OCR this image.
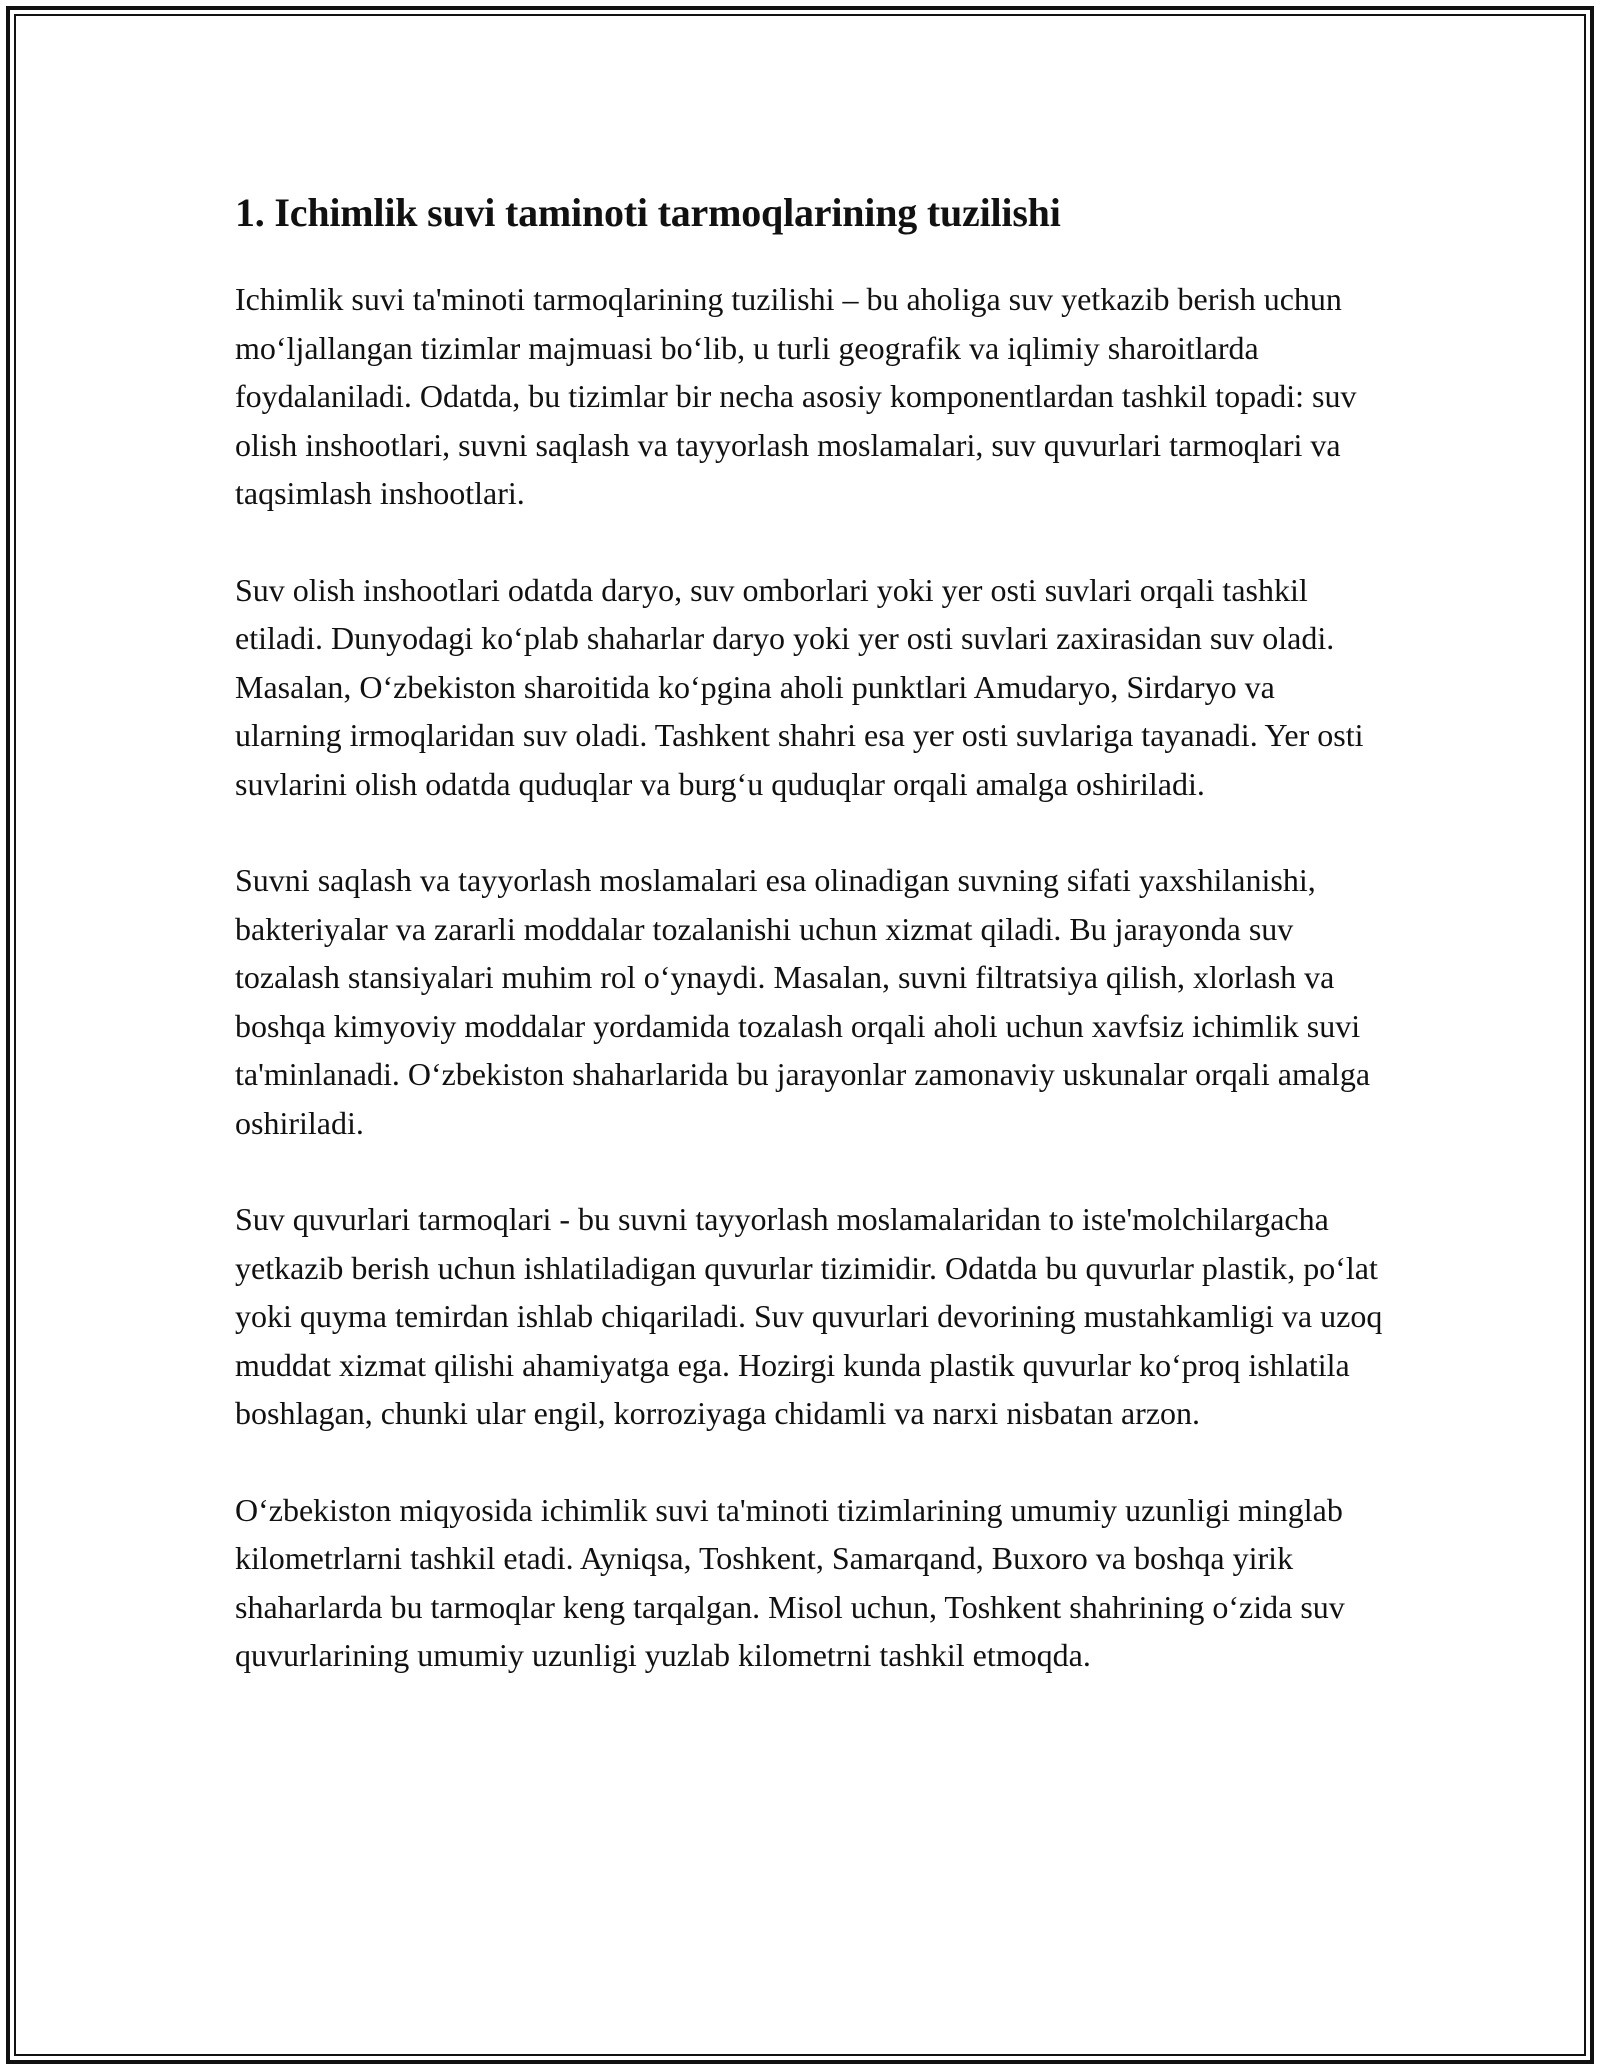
1. Ichimlik suvi taminoti tarmoqlarining tuzilishi

Ichimlik suvi ta'minoti tarmoqlarining tuzilishi – bu aholiga suv yetkazib berish uchun mo‘ljallangan tizimlar majmuasi bo‘lib, u turli geografik va iqlimiy sharoitlarda foydalaniladi. Odatda, bu tizimlar bir necha asosiy komponentlardan tashkil topadi: suv olish inshootlari, suvni saqlash va tayyorlash moslamalari, suv quvurlari tarmoqlari va taqsimlash inshootlari.

Suv olish inshootlari odatda daryo, suv omborlari yoki yer osti suvlari orqali tashkil etiladi. Dunyodagi ko‘plab shaharlar daryo yoki yer osti suvlari zaxirasidan suv oladi. Masalan, O‘zbekiston sharoitida ko‘pgina aholi punktlari Amudaryo, Sirdaryo va ularning irmoqlaridan suv oladi. Tashkent shahri esa yer osti suvlariga tayanadi. Yer osti suvlarini olish odatda quduqlar va burg‘u quduqlar orqali amalga oshiriladi.

Suvni saqlash va tayyorlash moslamalari esa olinadigan suvning sifati yaxshilanishi, bakteriyalar va zararli moddalar tozalanishi uchun xizmat qiladi. Bu jarayonda suv tozalash stansiyalari muhim rol o‘ynaydi. Masalan, suvni filtratsiya qilish, xlorlash va boshqa kimyoviy moddalar yordamida tozalash orqali aholi uchun xavfsiz ichimlik suvi ta'minlanadi. O‘zbekiston shaharlarida bu jarayonlar zamonaviy uskunalar orqali amalga oshiriladi.

Suv quvurlari tarmoqlari - bu suvni tayyorlash moslamalaridan to iste'molchilargacha yetkazib berish uchun ishlatiladigan quvurlar tizimidir. Odatda bu quvurlar plastik, po‘lat yoki quyma temirdan ishlab chiqariladi. Suv quvurlari devorining mustahkamligi va uzoq muddat xizmat qilishi ahamiyatga ega. Hozirgi kunda plastik quvurlar ko‘proq ishlatila boshlagan, chunki ular engil, korroziyaga chidamli va narxi nisbatan arzon.

O‘zbekiston miqyosida ichimlik suvi ta'minoti tizimlarining umumiy uzunligi minglab kilometrlarni tashkil etadi. Ayniqsa, Toshkent, Samarqand, Buxoro va boshqa yirik shaharlarda bu tarmoqlar keng tarqalgan. Misol uchun, Toshkent shahrining o‘zida suv quvurlarining umumiy uzunligi yuzlab kilometrni tashkil etmoqda.
